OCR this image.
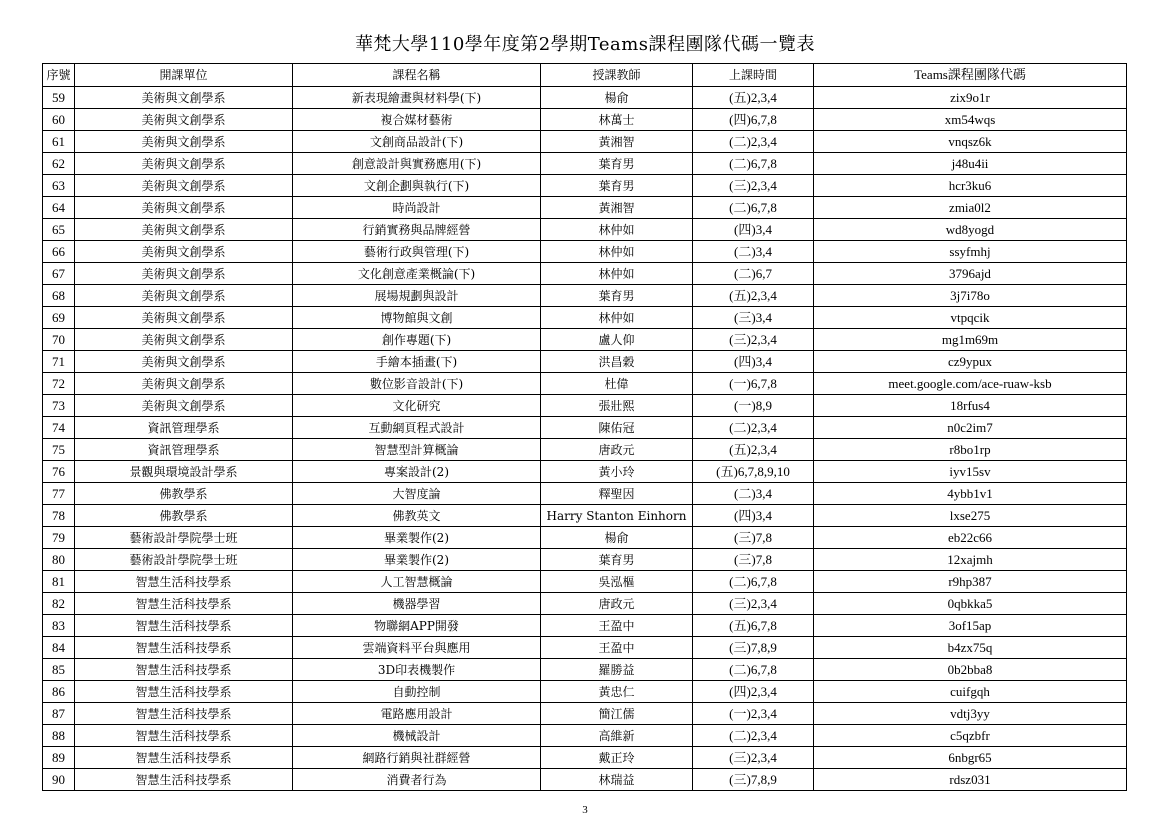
華梵大學110學年度第2學期Teams課程團隊代碼一覽表
序號	開課單位	課程名稱	授課教師	上課時間	Teams課程團隊代碼
59	美術與文創學系	新表現繪畫與材料學(下)	楊俞	(五)2,3,4	zix9o1r
60	美術與文創學系	複合媒材藝術	林萬士	(四)6,7,8	xm54wqs
61	美術與文創學系	文創商品設計(下)	黃湘智	(二)2,3,4	vnqsz6k
62	美術與文創學系	創意設計與實務應用(下)	葉育男	(二)6,7,8	j48u4ii
63	美術與文創學系	文創企劃與執行(下)	葉育男	(三)2,3,4	hcr3ku6
64	美術與文創學系	時尚設計	黃湘智	(二)6,7,8	zmia0l2
65	美術與文創學系	行銷實務與品牌經營	林仲如	(四)3,4	wd8yogd
66	美術與文創學系	藝術行政與管理(下)	林仲如	(二)3,4	ssyfmhj
67	美術與文創學系	文化創意產業概論(下)	林仲如	(二)6,7	3796ajd
68	美術與文創學系	展場規劃與設計	葉育男	(五)2,3,4	3j7i78o
69	美術與文創學系	博物館與文創	林仲如	(三)3,4	vtpqcik
70	美術與文創學系	創作專題(下)	盧人仰	(三)2,3,4	mg1m69m
71	美術與文創學系	手繪本插畫(下)	洪昌穀	(四)3,4	cz9ypux
72	美術與文創學系	數位影音設計(下)	杜偉	(一)6,7,8	meet.google.com/ace-ruaw-ksb
73	美術與文創學系	文化研究	張壯熙	(一)8,9	18rfus4
74	資訊管理學系	互動網頁程式設計	陳佑冠	(二)2,3,4	n0c2im7
75	資訊管理學系	智慧型計算概論	唐政元	(五)2,3,4	r8bo1rp
76	景觀與環境設計學系	專案設計(2)	黃小玲	(五)6,7,8,9,10	iyv15sv
77	佛教學系	大智度論	釋聖因	(二)3,4	4ybb1v1
78	佛教學系	佛教英文	Harry Stanton Einhorn	(四)3,4	lxse275
79	藝術設計學院學士班	畢業製作(2)	楊俞	(三)7,8	eb22c66
80	藝術設計學院學士班	畢業製作(2)	葉育男	(三)7,8	12xajmh
81	智慧生活科技學系	人工智慧概論	吳泓樞	(二)6,7,8	r9hp387
82	智慧生活科技學系	機器學習	唐政元	(三)2,3,4	0qbkka5
83	智慧生活科技學系	物聯網APP開發	王盈中	(五)6,7,8	3of15ap
84	智慧生活科技學系	雲端資料平台與應用	王盈中	(三)7,8,9	b4zx75q
85	智慧生活科技學系	3D印表機製作	羅勝益	(二)6,7,8	0b2bba8
86	智慧生活科技學系	自動控制	黃忠仁	(四)2,3,4	cuifgqh
87	智慧生活科技學系	電路應用設計	簡江儒	(一)2,3,4	vdtj3yy
88	智慧生活科技學系	機械設計	高維新	(二)2,3,4	c5qzbfr
89	智慧生活科技學系	網路行銷與社群經營	戴正玲	(三)2,3,4	6nbgr65
90	智慧生活科技學系	消費者行為	林瑞益	(三)7,8,9	rdsz031
3
